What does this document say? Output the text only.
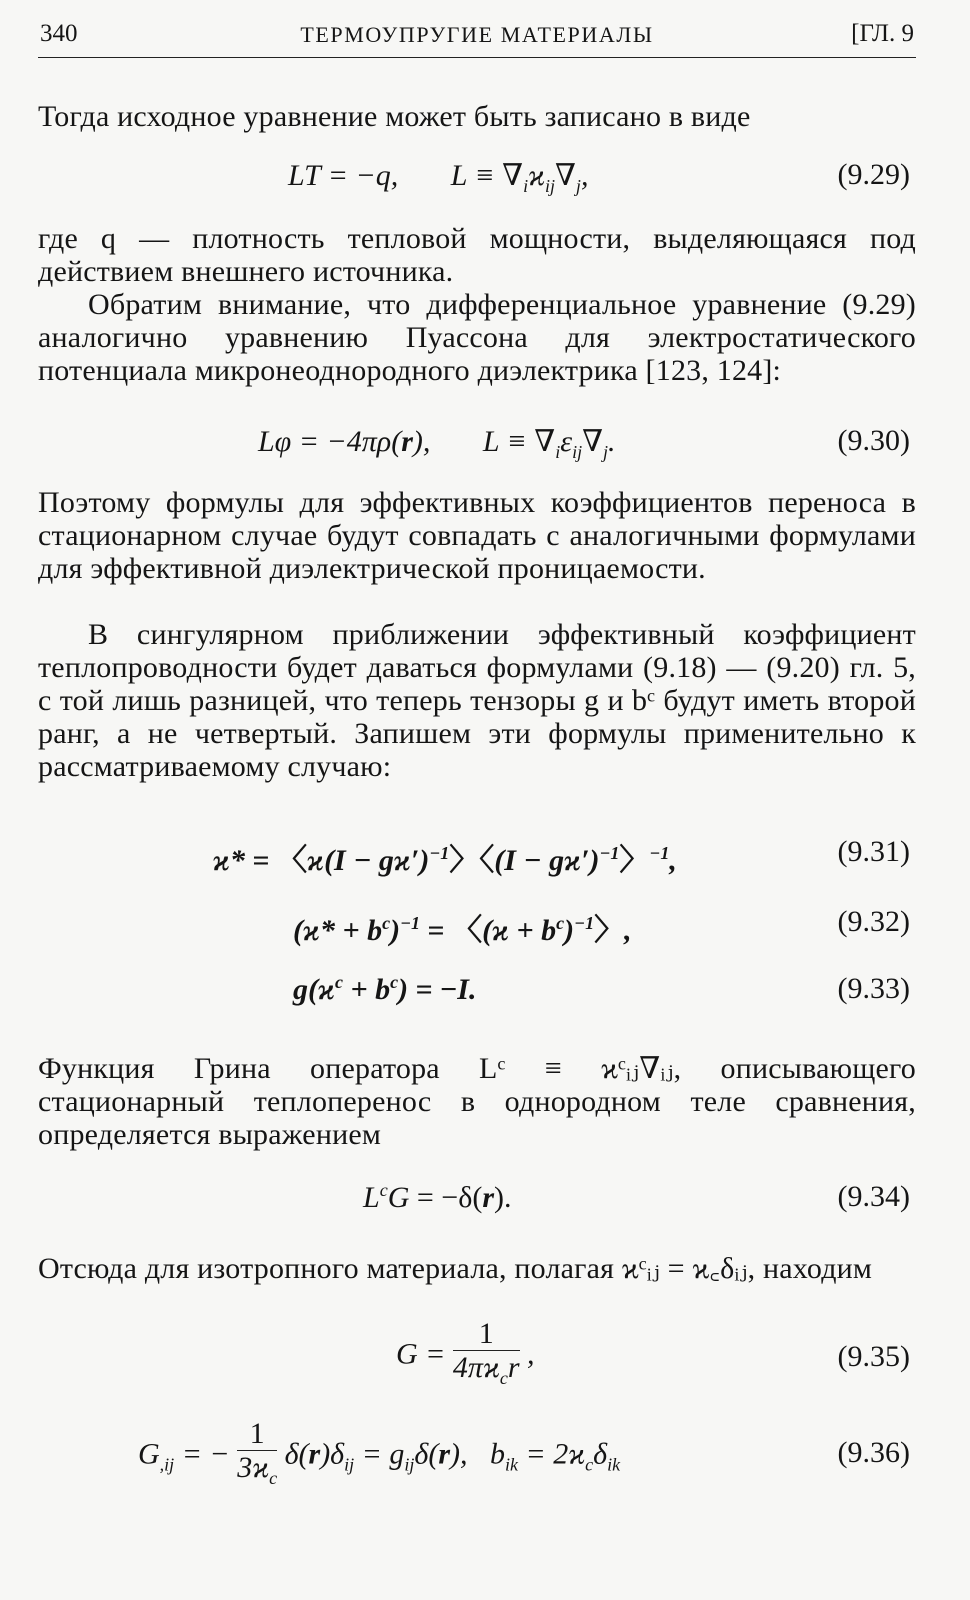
340	ТЕРМОУПРУГИЕ МАТЕРИАЛЫ	[ГЛ. 9

Тогда исходное уравнение может быть записано в виде

LT = −q,       $L \equiv \nabla_iϰ_{ij}\nabla_j$,	(9.29)

где q — плотность тепловой мощности, выделяющаяся под действием внешнего источника.

Обратим внимание, что дифференциальное уравнение (9.29) аналогично уравнению Пуассона для электростатического потенциала микронеоднородного диэлектрика [123, 124]:

Lφ = −4πρ(r),       $L \equiv \nabla_i\varepsilon_{ij}\nabla_j$.	(9.30)

Поэтому формулы для эффективных коэффициентов переноса в стационарном случае будут совпадать с аналогичными формулами для эффективной диэлектрической проницаемости.

В сингулярном приближении эффективный коэффициент теплопроводности будет даваться формулами (9.18) — (9.20) гл. 5, с той лишь разницей, что теперь тензоры g и bᶜ будут иметь второй ранг, а не четвертый. Запишем эти формулы применительно к рассматриваемому случаю:

ϰ* = 〈$ϰ(I - gϰ')^{-1}$〉〈$(I - gϰ')^{-1}$〉$^{-1}$,	(9.31)
$(ϰ* + b^c)^{-1}$ = 〈$(ϰ + b^c)^{-1}$〉,	(9.32)
$g(ϰ^c + b^c) = -I$.	(9.33)

Функция Грина оператора Lᶜ ≡ ϰᶜᵢⱼ∇ᵢⱼ, описывающего стационарный теплоперенос в однородном теле сравнения, определяется выражением

$L^cG = -\delta(r)$.	(9.34)

Отсюда для изотропного материала, полагая ϰᶜᵢⱼ = ϰ꜀δᵢⱼ, находим

$G = \frac{1}{4\pi ϰ_cr}$ ,	(9.35)
$G_{,ij}$ = − $\frac{1}{3ϰ_c} \delta(r)\delta_{ij} = g_{ij}\delta(r)$,   $b_{ik} = 2ϰ_c\delta_{ik}$	(9.36)
